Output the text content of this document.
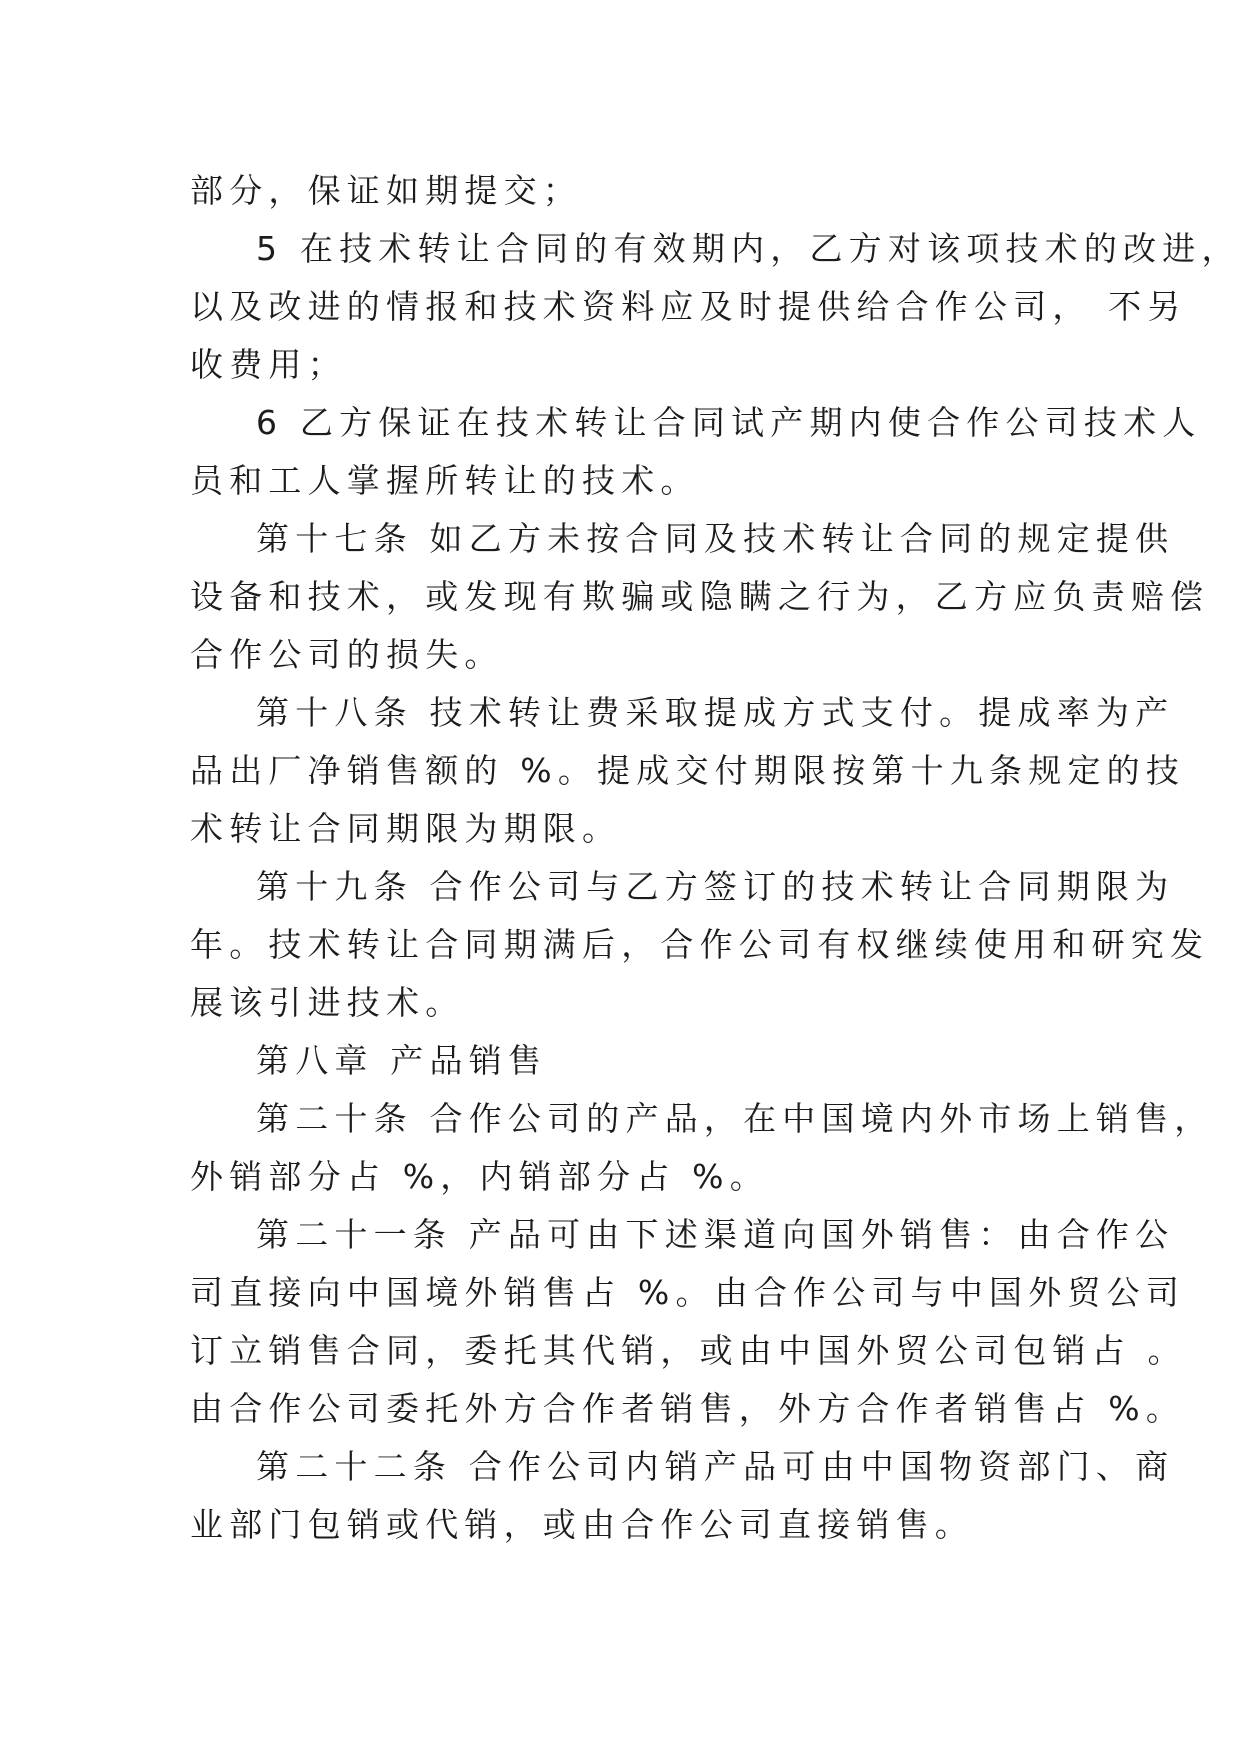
部分，保证如期提交；
5 在技术转让合同的有效期内，乙方对该项技术的改进，
以及改进的情报和技术资料应及时提供给合作公司， 不另
收费用；
6 乙方保证在技术转让合同试产期内使合作公司技术人
员和工人掌握所转让的技术。
第十七条 如乙方未按合同及技术转让合同的规定提供
设备和技术，或发现有欺骗或隐瞒之行为，乙方应负责赔偿
合作公司的损失。
第十八条 技术转让费采取提成方式支付。提成率为产
品出厂净销售额的 %。提成交付期限按第十九条规定的技
术转让合同期限为期限。
第十九条 合作公司与乙方签订的技术转让合同期限为
年。技术转让合同期满后，合作公司有权继续使用和研究发
展该引进技术。
第八章 产品销售
第二十条 合作公司的产品，在中国境内外市场上销售，
外销部分占 %，内销部分占 %。
第二十一条 产品可由下述渠道向国外销售：由合作公
司直接向中国境外销售占 %。由合作公司与中国外贸公司
订立销售合同，委托其代销，或由中国外贸公司包销占 。
由合作公司委托外方合作者销售，外方合作者销售占 %。
第二十二条 合作公司内销产品可由中国物资部门、商
业部门包销或代销，或由合作公司直接销售。
